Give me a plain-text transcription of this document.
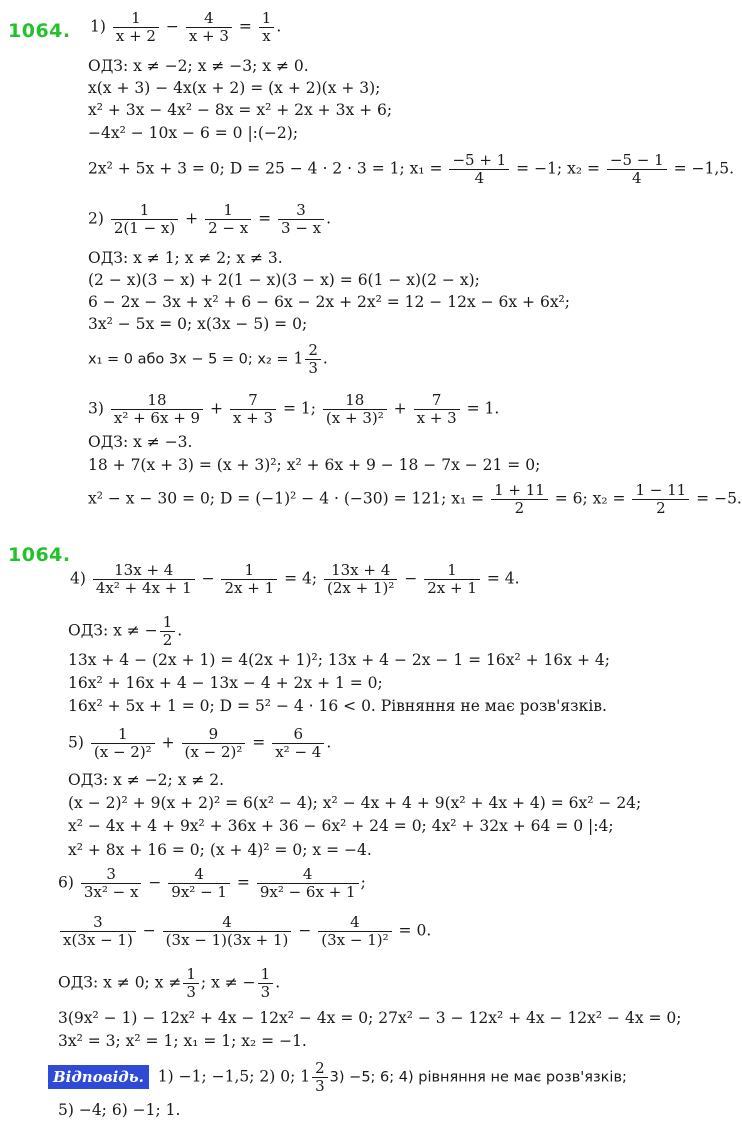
1064. $1) \frac{1}{x + 2} - \frac{4}{x + 3} = \frac{1}{x}$ .
ОДЗ: x ≠ −2; x ≠ −3; x ≠ 0.
x(x + 3) − 4x(x + 2) = (x + 2)(x + 3);
x² + 3x − 4x² − 8x = x² + 2x + 3x + 6;
−4x² − 10x − 6 = 0 |:(−2);
2x² + 5x + 3 = 0; D = 25 − 4 · 2 · 3 = 1; $x_1 = \frac{-5 + 1}{4} = -1$; $x_2 = \frac{-5 - 1}{4} = -1,5$.
$2) \frac{1}{2(1 - x)} + \frac{1}{2 - x} = \frac{3}{3 - x}$ .
ОДЗ: x ≠ 1; x ≠ 2; x ≠ 3.
(2 − x)(3 − x) + 2(1 − x)(3 − x) = 6(1 − x)(2 − x);
6 − 2x − 3x + x² + 6 − 6x − 2x + 2x² = 12 − 12x − 6x + 6x²;
3x² − 5x = 0; x(3x − 5) = 0;
x₁ = 0 або 3x − 5 = 0; $x_2 = 1 \frac{2}{3}$ .
$3) \frac{18}{\text{x² + 6x + 9}} + \frac{7}{x + 3} = 1$; $\frac{18}{\text{(x + 3)²}} + \frac{7}{x + 3} = 1$.
ОДЗ: x ≠ −3.
18 + 7(x + 3) = (x + 3)²; x² + 6x + 9 − 18 − 7x − 21 = 0;
x² − x − 30 = 0; D = (−1)² − 4 · (−30) = 121; $x_1 = \frac{1 + 11}{2} = 6$; $x_2 = \frac{1 - 11}{2} = -5$.
1064.
$4) \frac{13x + 4}{\text{4x² + 4x + 1}} - \frac{1}{2x + 1} = 4$; $\frac{13x + 4}{\text{(2x + 1)²}} - \frac{1}{2x + 1} = 4$.
ОДЗ: x ≠ − $\frac{1}{2}$ .
13x + 4 − (2x + 1) = 4(2x + 1)²; 13x + 4 − 2x − 1 = 16x² + 16x + 4;
16x² + 16x + 4 − 13x − 4 + 2x + 1 = 0;
16x² + 5x + 1 = 0; D = 5² − 4 · 16 < 0. Рівняння не має розв'язків.
$5) \frac{1}{\text{(x − 2)²}} + \frac{9}{\text{(x − 2)²}} = \frac{6}{\text{x² − 4}}$ .
ОДЗ: x ≠ −2; x ≠ 2.
(x − 2)² + 9(x + 2)² = 6(x² − 4); x² − 4x + 4 + 9(x² + 4x + 4) = 6x² − 24;
x² − 4x + 4 + 9x² + 36x + 36 − 6x² + 24 = 0; 4x² + 32x + 64 = 0 |:4;
x² + 8x + 16 = 0; (x + 4)² = 0; x = −4.
$6) \frac{3}{\text{3x² − x}} - \frac{4}{\text{9x² − 1}} = \frac{4}{\text{9x² − 6x + 1}}$ ;
$\frac{3}{x(3x - 1)} - \frac{4}{(3x - 1)(3x + 1)} - \frac{4}{\text{(3x − 1)²}} = 0$.
ОДЗ: x ≠ 0; $x \ne \frac{1}{3}$ ; x ≠ − $\frac{1}{3}$ .
3(9x² − 1) − 12x² + 4x − 12x² − 4x = 0; 27x² − 3 − 12x² + 4x − 12x² − 4x = 0;
3x² = 3; x² = 1; x₁ = 1; x₂ = −1.
Відповідь. 1) −1; −1,5; 2) 0; $1 \frac{2}{3} 3) -5$; 6; 4) рівняння не має розв'язків;
5) −4; 6) −1; 1.
